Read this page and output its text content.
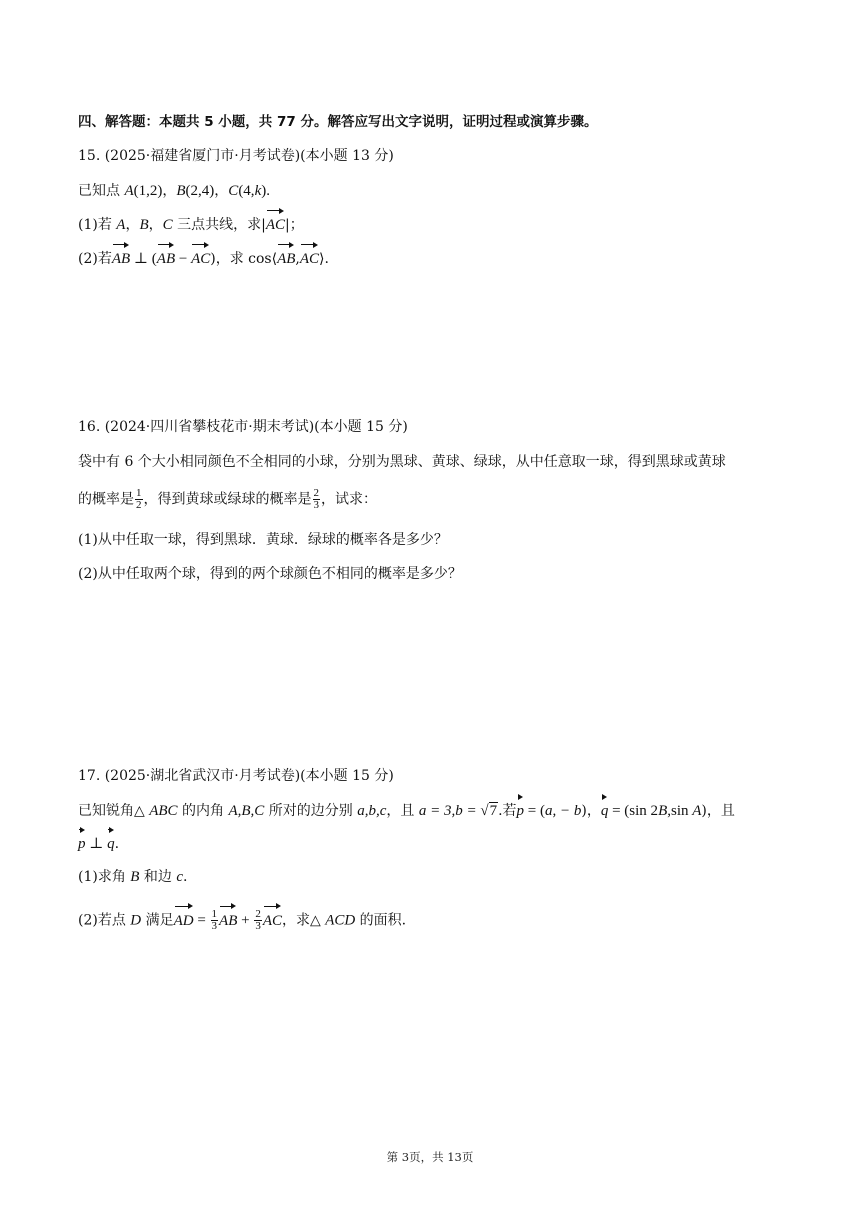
四、解答题：本题共 5 小题，共 77 分。解答应写出文字说明，证明过程或演算步骤。
15. (2025·福建省厦门市·月考试卷)(本小题 13 分)
已知点 A(1,2)，B(2,4)，C(4,k).
(1)若 A，B，C 三点共线，求|
AC|；
(2)若
AB ⊥ (
AB −
AC)，求 cos⟨
AB,
AC⟩.
16. (2024·四川省攀枝花市·期末考试)(本小题 15 分)
袋中有 6 个大小相同颜色不全相同的小球，分别为黑球、黄球、绿球，从中任意取一球，得到黑球或黄球
的概率是 $\frac{1}{2}$ ，得到黄球或绿球的概率是 $\frac{2}{3}$ ，试求：
(1)从中任取一球，得到黑球．黄球．绿球的概率各是多少？
(2)从中任取两个球，得到的两个球颜色不相同的概率是多少？
17. (2025·湖北省武汉市·月考试卷)(本小题 15 分)
已知锐角△ ABC 的内角 A,B,C 所对的边分别 a,b,c，且 a = 3,b = √7.若
p = (a, − b)，
q = (sin 2B,sin A)，且
p ⊥
q.
(1)求角 B 和边 c.
(2)若点 D 满足
AD = $\frac{1}{3}$ AB + $\frac{2}{3}$ AC，求△ ACD 的面积.
第 3页，共 13页
